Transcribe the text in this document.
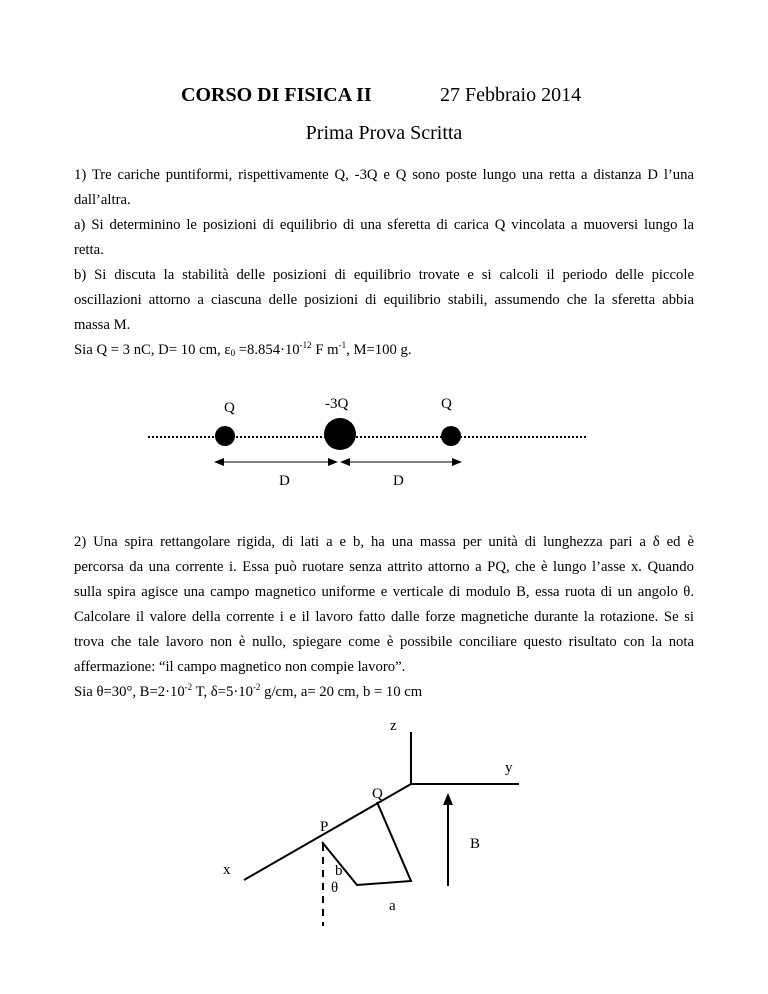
CORSO DI FISICA II	27 Febbraio 2014
Prima Prova Scritta
1) Tre cariche puntiformi, rispettivamente Q, -3Q e Q sono poste lungo una retta a distanza D l’una
dall’altra.
a) Si determinino le posizioni di equilibrio di una sferetta di carica Q vincolata a muoversi lungo la
retta.
b) Si discuta la stabilità delle posizioni di equilibrio trovate e si calcoli il periodo delle piccole
oscillazioni attorno a ciascuna delle posizioni di equilibrio stabili, assumendo che la sferetta abbia
massa M.
Sia Q = 3 nC, D= 10 cm, $\varepsilon_0 =8.854\cdot 10^{-12}$ F $m^{-1}$, M=100 g.
Q	-3Q	Q
D	D
z
y
x
Q
P
b
θ
a
B
2) Una spira rettangolare rigida, di lati a e b, ha una massa per unità di lunghezza pari a δ ed è
percorsa da una corrente i. Essa può ruotare senza attrito attorno a PQ, che è lungo l’asse x. Quando
sulla spira agisce una campo magnetico uniforme e verticale di modulo B, essa ruota di un angolo θ.
Calcolare il valore della corrente i e il lavoro fatto dalle forze magnetiche durante la rotazione. Se si
trova che tale lavoro non è nullo, spiegare come è possibile conciliare questo risultato con la nota
affermazione: “il campo magnetico non compie lavoro”.
Sia θ=30°, $B=2\cdot 10^{-2}$ T, $\delta=5\cdot 10^{-2}$ g/cm, a= 20 cm, b = 10 cm
